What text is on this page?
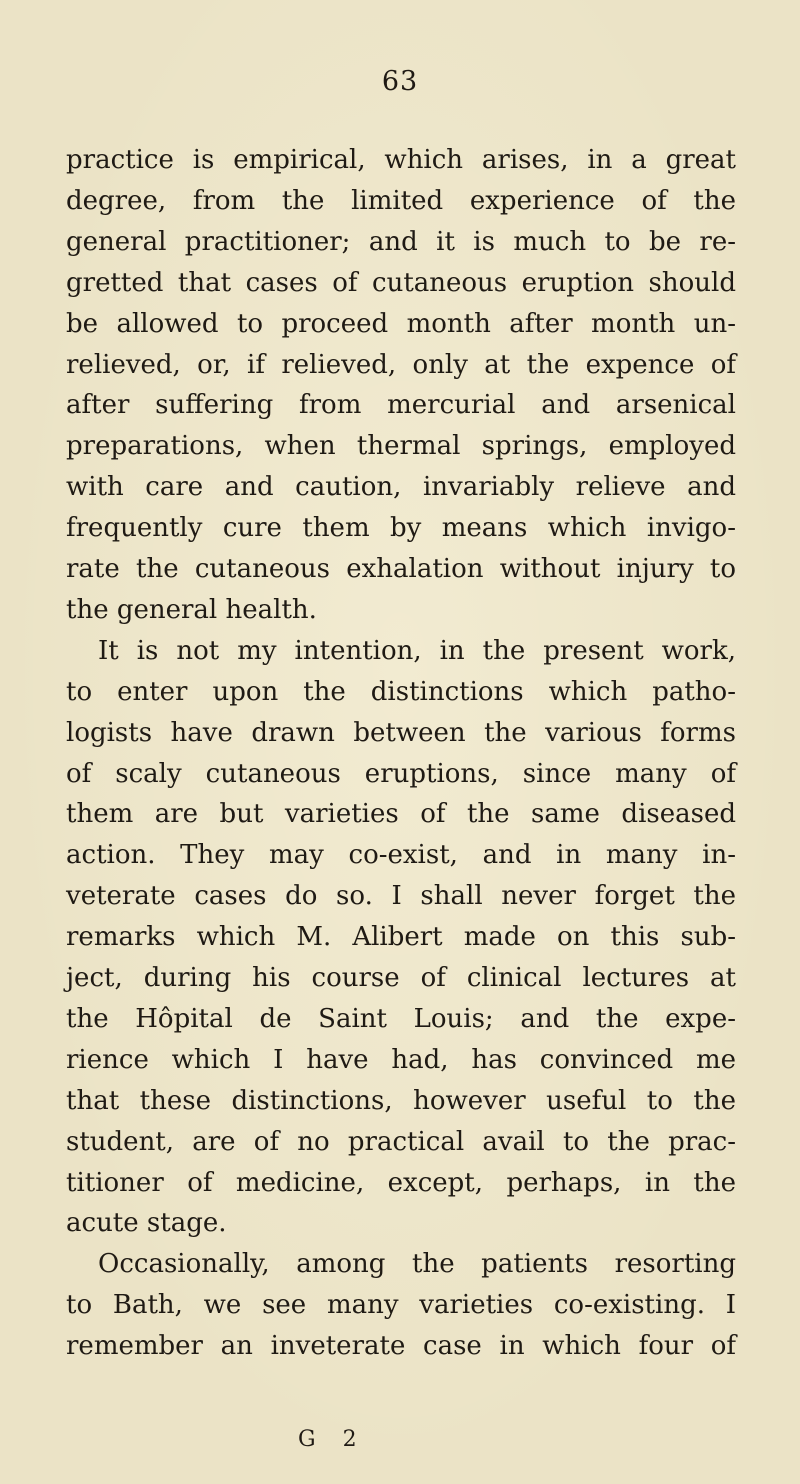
63
practice is empirical, which arises, in a great
degree, from the limited experience of the
general practitioner; and it is much to be re-
gretted that cases of cutaneous eruption should
be allowed to proceed month after month un-
relieved, or, if relieved, only at the expence of
after suffering from mercurial and arsenical
preparations, when thermal springs, employed
with care and caution, invariably relieve and
frequently cure them by means which invigo-
rate the cutaneous exhalation without injury to
the general health.
It is not my intention, in the present work,
to enter upon the distinctions which patho-
logists have drawn between the various forms
of scaly cutaneous eruptions, since many of
them are but varieties of the same diseased
action. They may co-exist, and in many in-
veterate cases do so. I shall never forget the
remarks which M. Alibert made on this sub-
ject, during his course of clinical lectures at
the Hôpital de Saint Louis; and the expe-
rience which I have had, has convinced me
that these distinctions, however useful to the
student, are of no practical avail to the prac-
titioner of medicine, except, perhaps, in the
acute stage.
Occasionally, among the patients resorting
to Bath, we see many varieties co-existing. I
remember an inveterate case in which four of
G 2
